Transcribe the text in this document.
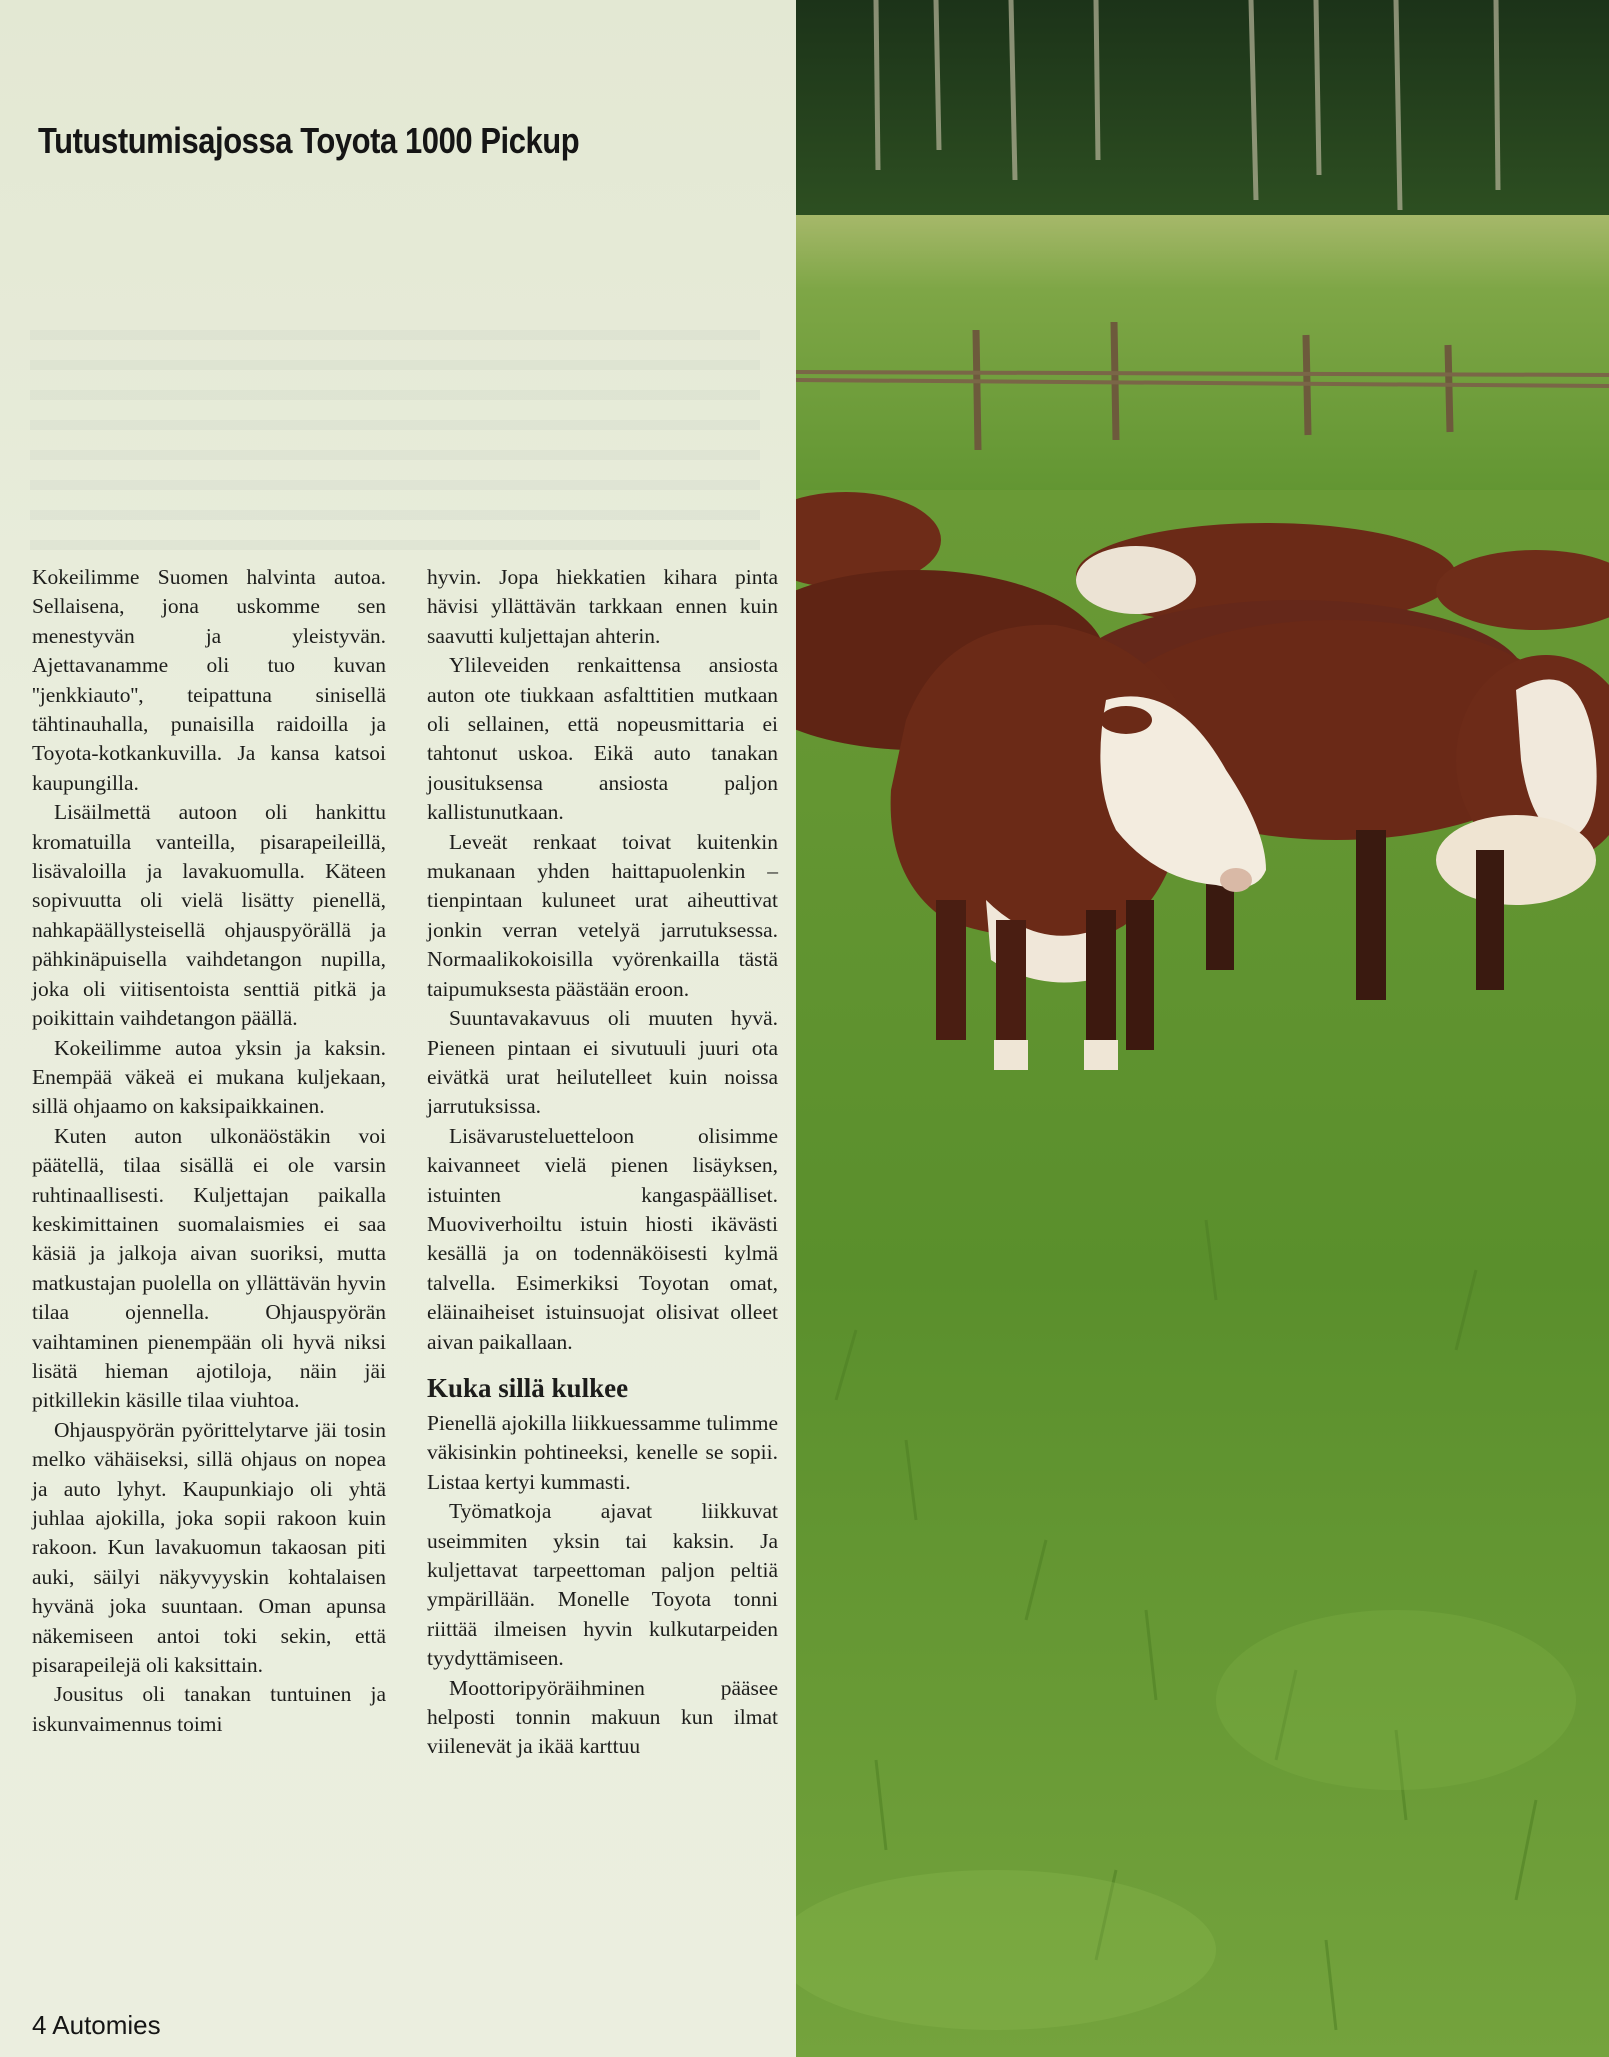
Tutustumisajossa Toyota 1000 Pickup

Kokeilimme Suomen halvinta autoa. Sellaisena, jona uskomme sen menestyvän ja yleistyvän. Ajettavanamme oli tuo kuvan ''jenkkiauto'', teipattuna sinisellä tähtinauhalla, punaisilla raidoilla ja Toyota-kotkankuvilla. Ja kansa katsoi kaupungilla.

Lisäilmettä autoon oli hankittu kromatuilla vanteilla, pisarapeileillä, lisävaloilla ja lavakuomulla. Käteen sopivuutta oli vielä lisätty pienellä, nahkapäällysteisellä ohjauspyörällä ja pähkinäpuisella vaihdetangon nupilla, joka oli viitisentoista senttiä pitkä ja poikittain vaihdetangon päällä.

Kokeilimme autoa yksin ja kaksin. Enempää väkeä ei mukana kuljekaan, sillä ohjaamo on kaksipaikkainen.

Kuten auton ulkonäöstäkin voi päätellä, tilaa sisällä ei ole varsin ruhtinaallisesti. Kuljettajan paikalla keskimittainen suomalaismies ei saa käsiä ja jalkoja aivan suoriksi, mutta matkustajan puolella on yllättävän hyvin tilaa ojennella. Ohjauspyörän vaihtaminen pienempään oli hyvä niksi lisätä hieman ajotiloja, näin jäi pitkillekin käsille tilaa viuhtoa.

Ohjauspyörän pyörittelytarve jäi tosin melko vähäiseksi, sillä ohjaus on nopea ja auto lyhyt. Kaupunkiajo oli yhtä juhlaa ajokilla, joka sopii rakoon kuin rakoon. Kun lavakuomun takaosan piti auki, säilyi näkyvyyskin kohtalaisen hyvänä joka suuntaan. Oman apunsa näkemiseen antoi toki sekin, että pisarapeilejä oli kaksittain.

Jousitus oli tanakan tuntuinen ja iskunvaimennus toimi

hyvin. Jopa hiekkatien kihara pinta hävisi yllättävän tarkkaan ennen kuin saavutti kuljettajan ahterin.

Ylileveiden renkaittensa ansiosta auton ote tiukkaan asfalttitien mutkaan oli sellainen, että nopeusmittaria ei tahtonut uskoa. Eikä auto tanakan jousituksensa ansiosta paljon kallistunutkaan.

Leveät renkaat toivat kuitenkin mukanaan yhden haittapuolenkin – tienpintaan kuluneet urat aiheuttivat jonkin verran vetelyä jarrutuksessa. Normaalikokoisilla vyörenkailla tästä taipumuksesta päästään eroon.

Suuntavakavuus oli muuten hyvä. Pieneen pintaan ei sivutuuli juuri ota eivätkä urat heilutelleet kuin noissa jarrutuksissa.

Lisävarusteluetteloon olisimme kaivanneet vielä pienen lisäyksen, istuinten kangaspäälliset. Muoviverhoiltu istuin hiosti ikävästi kesällä ja on todennäköisesti kylmä talvella. Esimerkiksi Toyotan omat, eläinaiheiset istuinsuojat olisivat olleet aivan paikallaan.

Kuka sillä kulkee

Pienellä ajokilla liikkuessamme tulimme väkisinkin pohtineeksi, kenelle se sopii. Listaa kertyi kummasti.

Työmatkoja ajavat liikkuvat useimmiten yksin tai kaksin. Ja kuljettavat tarpeettoman paljon peltiä ympärillään. Monelle Toyota tonni riittää ilmeisen hyvin kulkutarpeiden tyydyttämiseen.

Moottoripyöräihminen pääsee helposti tonnin makuun kun ilmat viilenevät ja ikää karttuu

4 Automies
